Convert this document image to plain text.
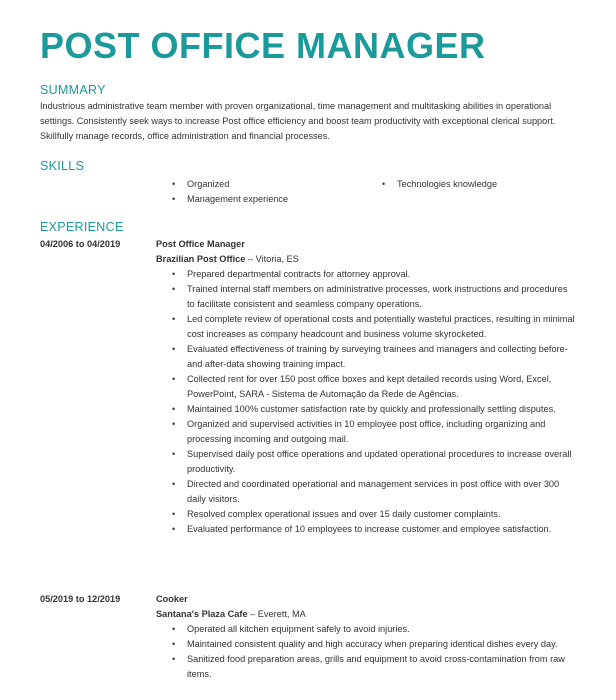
POST OFFICE MANAGER
SUMMARY
Industrious administrative team member with proven organizational, time management and multitasking abilities in operational settings. Consistently seek ways to increase Post office efficiency and boost team productivity with exceptional clerical support. Skillfully manage records, office administration and financial processes.
SKILLS
• Organized
• Management experience
• Technologies knowledge
EXPERIENCE
04/2006 to 04/2019	Post Office Manager
Brazilian Post Office – Vitoria, ES
• Prepared departmental contracts for attorney approval.
• Trained internal staff members on administrative processes, work instructions and procedures to facilitate consistent and seamless company operations.
• Led complete review of operational costs and potentially wasteful practices, resulting in minimal cost increases as company headcount and business volume skyrocketed.
• Evaluated effectiveness of training by surveying trainees and managers and collecting before-and after-data showing training impact.
• Collected rent for over 150 post office boxes and kept detailed records using Word, Excel, PowerPoint, SARA - Sistema de Automação da Rede de Agências.
• Maintained 100% customer satisfaction rate by quickly and professionally settling disputes.
• Organized and supervised activities in 10 employee post office, including organizing and processing incoming and outgoing mail.
• Supervised daily post office operations and updated operational procedures to increase overall productivity.
• Directed and coordinated operational and management services in post office with over 300 daily visitors.
• Resolved complex operational issues and over 15 daily customer complaints.
• Evaluated performance of 10 employees to increase customer and employee satisfaction.
05/2019 to 12/2019	Cooker
Santana's Plaza Cafe – Everett, MA
• Operated all kitchen equipment safely to avoid injuries.
• Maintained consistent quality and high accuracy when preparing identical dishes every day.
• Sanitized food preparation areas, grills and equipment to avoid cross-contamination from raw items.
